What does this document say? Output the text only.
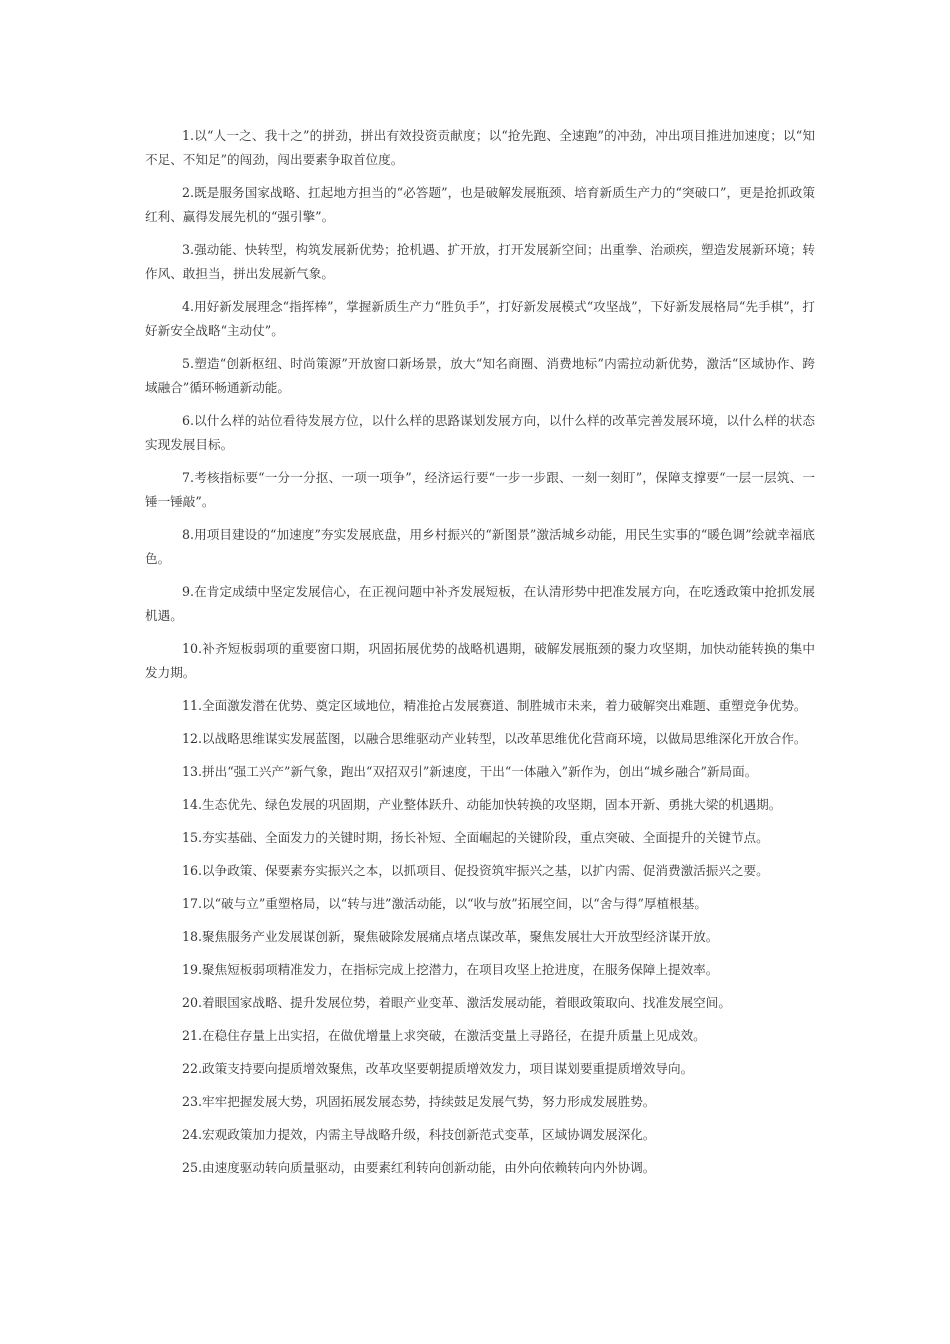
1.以“人一之、我十之”的拼劲，拼出有效投资贡献度；以“抢先跑、全速跑”的冲劲，冲出项目推进加速度；以“知不足、不知足”的闯劲，闯出要素争取首位度。

2.既是服务国家战略、扛起地方担当的“必答题”，也是破解发展瓶颈、培育新质生产力的“突破口”，更是抢抓政策红利、赢得发展先机的“强引擎”。

3.强动能、快转型，构筑发展新优势；抢机遇、扩开放，打开发展新空间；出重拳、治顽疾，塑造发展新环境；转作风、敢担当，拼出发展新气象。

4.用好新发展理念“指挥棒”，掌握新质生产力“胜负手”，打好新发展模式“攻坚战”，下好新发展格局“先手棋”，打好新安全战略“主动仗”。

5.塑造“创新枢纽、时尚策源”开放窗口新场景，放大“知名商圈、消费地标”内需拉动新优势，激活“区域协作、跨域融合”循环畅通新动能。

6.以什么样的站位看待发展方位，以什么样的思路谋划发展方向，以什么样的改革完善发展环境，以什么样的状态实现发展目标。

7.考核指标要“一分一分抠、一项一项争”，经济运行要“一步一步跟、一刻一刻盯”，保障支撑要“一层一层筑、一锤一锤敲”。

8.用项目建设的“加速度”夯实发展底盘，用乡村振兴的“新图景”激活城乡动能，用民生实事的“暖色调”绘就幸福底色。

9.在肯定成绩中坚定发展信心，在正视问题中补齐发展短板，在认清形势中把准发展方向，在吃透政策中抢抓发展机遇。

10.补齐短板弱项的重要窗口期，巩固拓展优势的战略机遇期，破解发展瓶颈的聚力攻坚期，加快动能转换的集中发力期。

11.全面激发潜在优势、奠定区域地位，精准抢占发展赛道、制胜城市未来，着力破解突出难题、重塑竞争优势。

12.以战略思维谋实发展蓝图，以融合思维驱动产业转型，以改革思维优化营商环境，以做局思维深化开放合作。

13.拼出“强工兴产”新气象，跑出“双招双引”新速度，干出“一体融入”新作为，创出“城乡融合”新局面。

14.生态优先、绿色发展的巩固期，产业整体跃升、动能加快转换的攻坚期，固本开新、勇挑大梁的机遇期。

15.夯实基础、全面发力的关键时期，扬长补短、全面崛起的关键阶段，重点突破、全面提升的关键节点。

16.以争政策、保要素夯实振兴之本，以抓项目、促投资筑牢振兴之基，以扩内需、促消费激活振兴之要。

17.以“破与立”重塑格局，以“转与进”激活动能，以“收与放”拓展空间，以“舍与得”厚植根基。

18.聚焦服务产业发展谋创新，聚焦破除发展痛点堵点谋改革，聚焦发展壮大开放型经济谋开放。

19.聚焦短板弱项精准发力，在指标完成上挖潜力，在项目攻坚上抢进度，在服务保障上提效率。

20.着眼国家战略、提升发展位势，着眼产业变革、激活发展动能，着眼政策取向、找准发展空间。

21.在稳住存量上出实招，在做优增量上求突破，在激活变量上寻路径，在提升质量上见成效。

22.政策支持要向提质增效聚焦，改革攻坚要朝提质增效发力，项目谋划要重提质增效导向。

23.牢牢把握发展大势，巩固拓展发展态势，持续鼓足发展气势，努力形成发展胜势。

24.宏观政策加力提效，内需主导战略升级，科技创新范式变革，区域协调发展深化。

25.由速度驱动转向质量驱动，由要素红利转向创新动能，由外向依赖转向内外协调。
